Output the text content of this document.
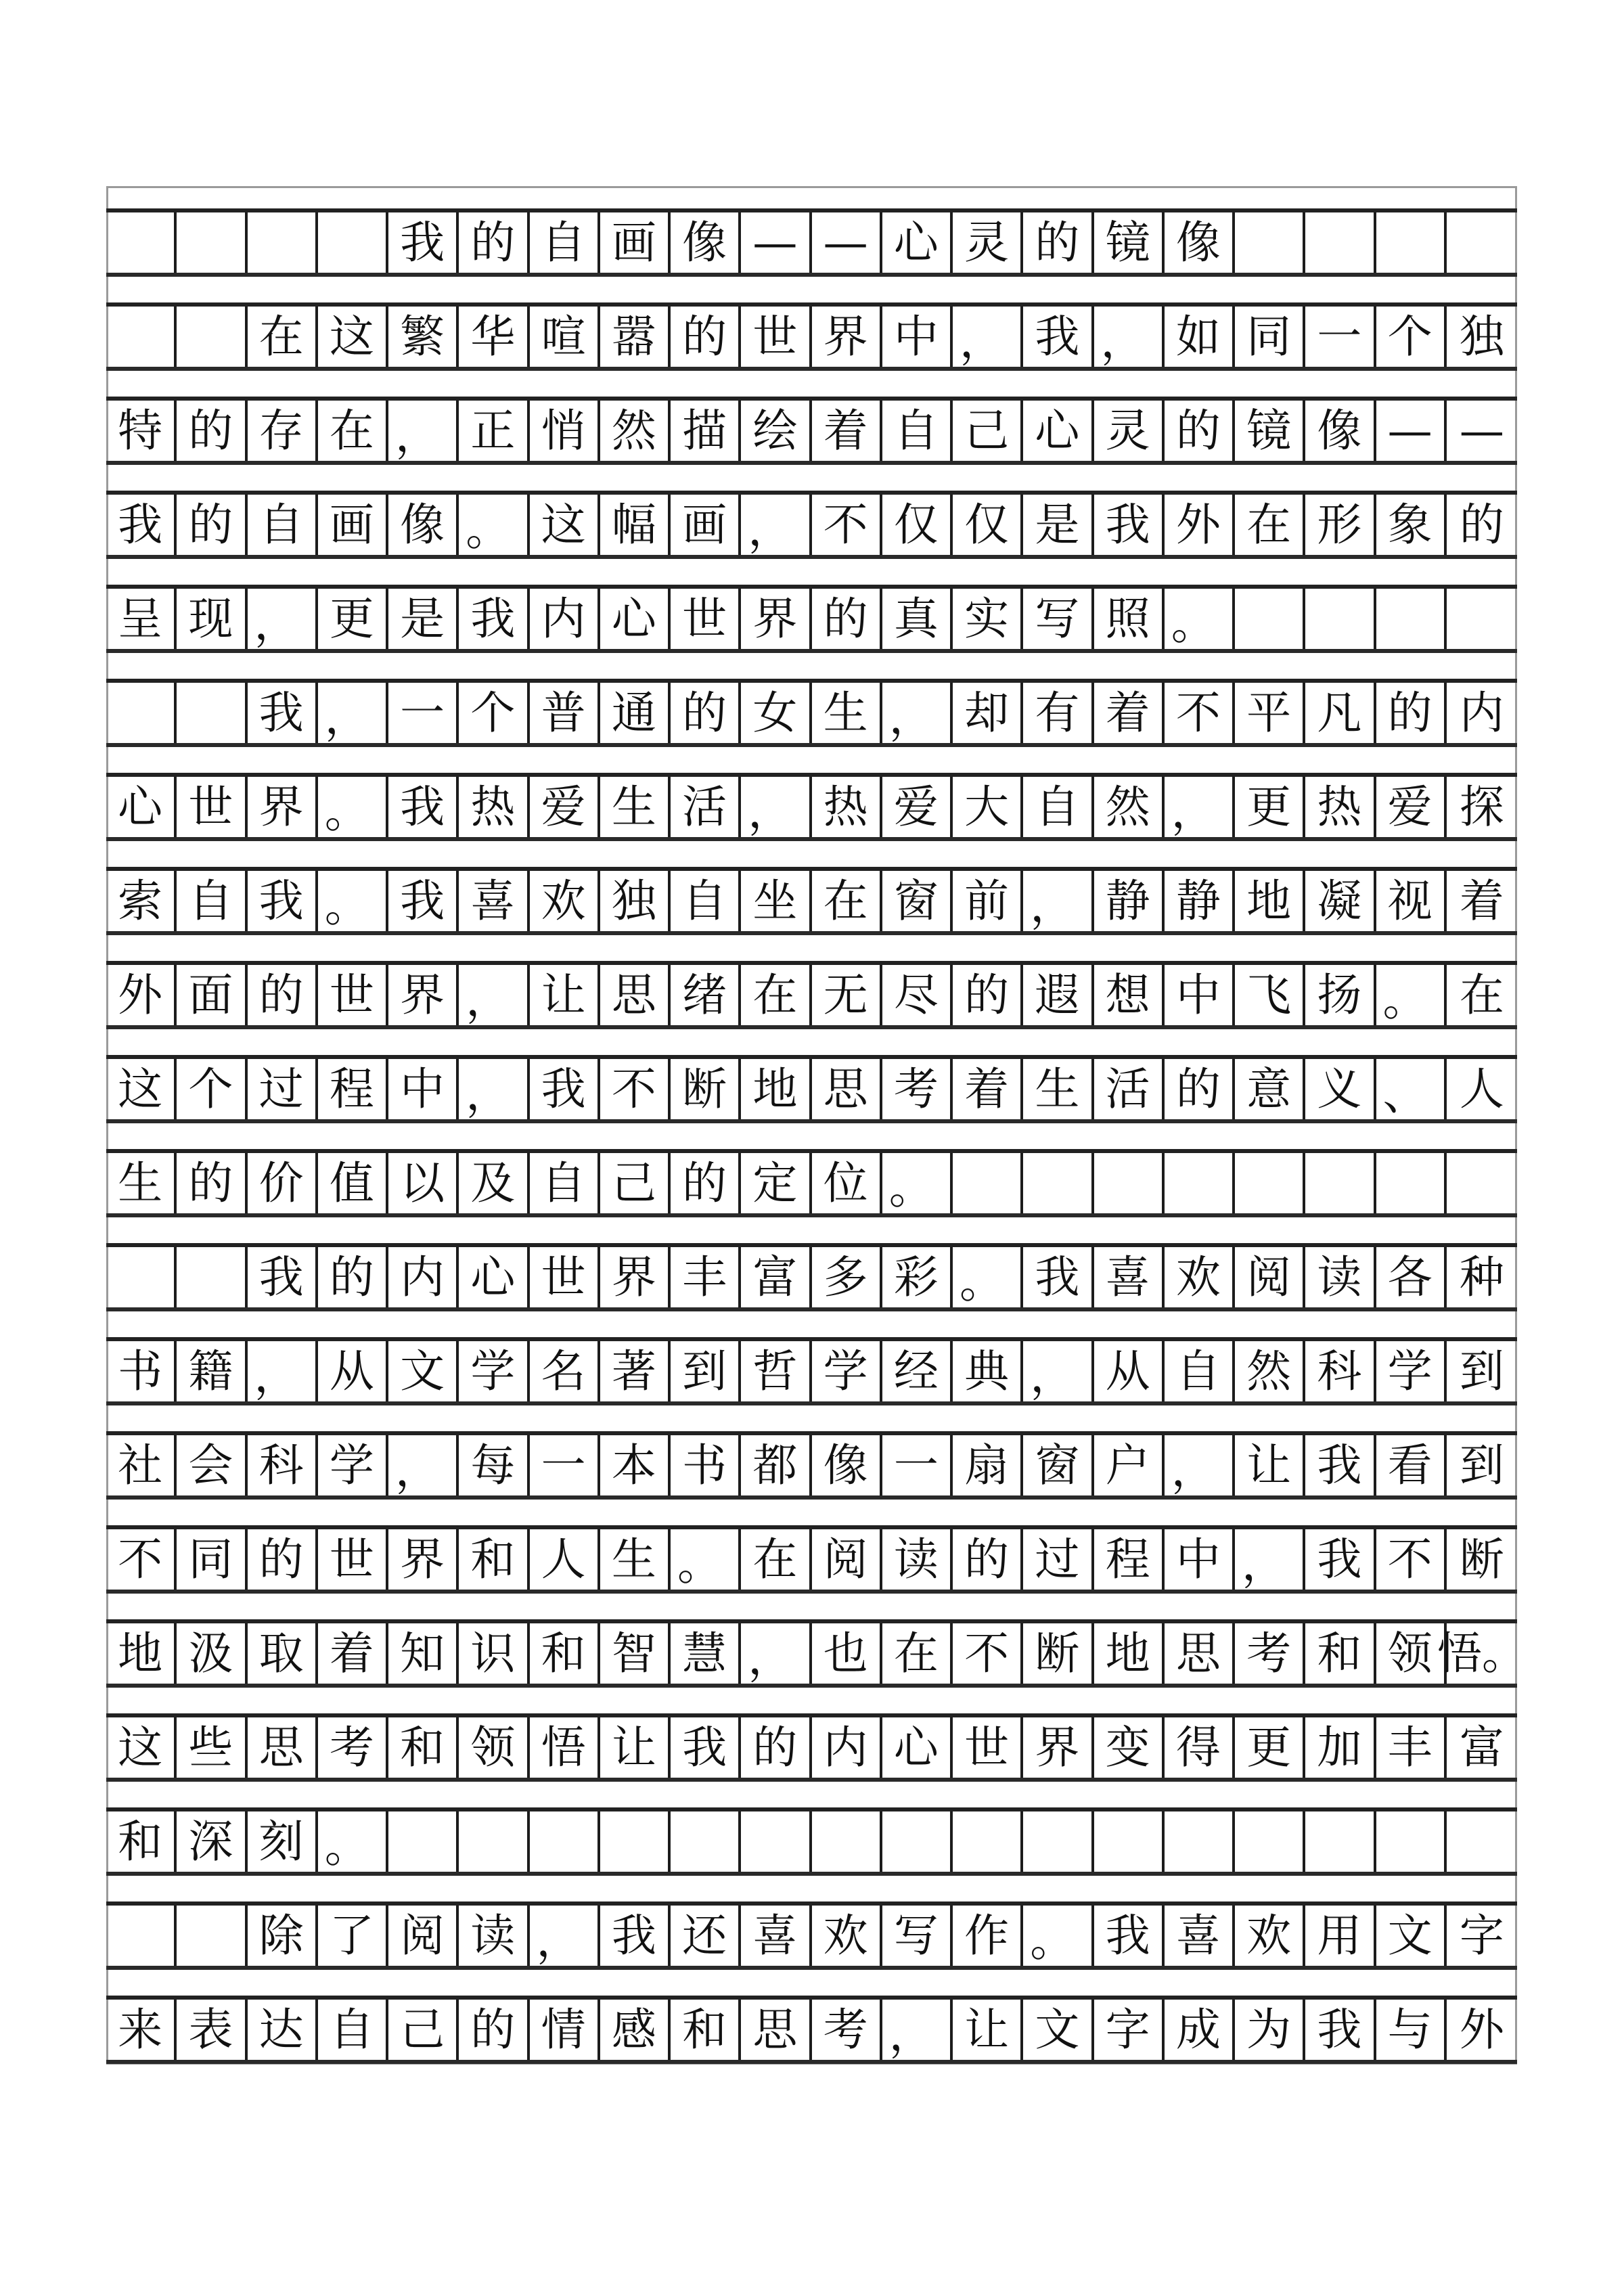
我 的 自 画 像 — — 心 灵 的 镜 像
在 这 繁 华 喧 嚣 的 世 界 中 ， 我 ， 如 同 一 个 独
特 的 存 在 ， 正 悄 然 描 绘 着 自 己 心 灵 的 镜 像 — —
我 的 自 画 像 。 这 幅 画 ， 不 仅 仅 是 我 外 在 形 象 的
呈 现 ， 更 是 我 内 心 世 界 的 真 实 写 照 。
我 ， 一 个 普 通 的 女 生 ， 却 有 着 不 平 凡 的 内
心 世 界 。 我 热 爱 生 活 ， 热 爱 大 自 然 ， 更 热 爱 探
索 自 我 。 我 喜 欢 独 自 坐 在 窗 前 ， 静 静 地 凝 视 着
外 面 的 世 界 ， 让 思 绪 在 无 尽 的 遐 想 中 飞 扬 。 在
这 个 过 程 中 ， 我 不 断 地 思 考 着 生 活 的 意 义 、 人
生 的 价 值 以 及 自 己 的 定 位 。
我 的 内 心 世 界 丰 富 多 彩 。 我 喜 欢 阅 读 各 种
书 籍 ， 从 文 学 名 著 到 哲 学 经 典 ， 从 自 然 科 学 到
社 会 科 学 ， 每 一 本 书 都 像 一 扇 窗 户 ， 让 我 看 到
不 同 的 世 界 和 人 生 。 在 阅 读 的 过 程 中 ， 我 不 断
地 汲 取 着 知 识 和 智 慧 ， 也 在 不 断 地 思 考 和 领 悟。
这 些 思 考 和 领 悟 让 我 的 内 心 世 界 变 得 更 加 丰 富
和 深 刻 。
除 了 阅 读 ， 我 还 喜 欢 写 作 。 我 喜 欢 用 文 字
来 表 达 自 己 的 情 感 和 思 考 ， 让 文 字 成 为 我 与 外
